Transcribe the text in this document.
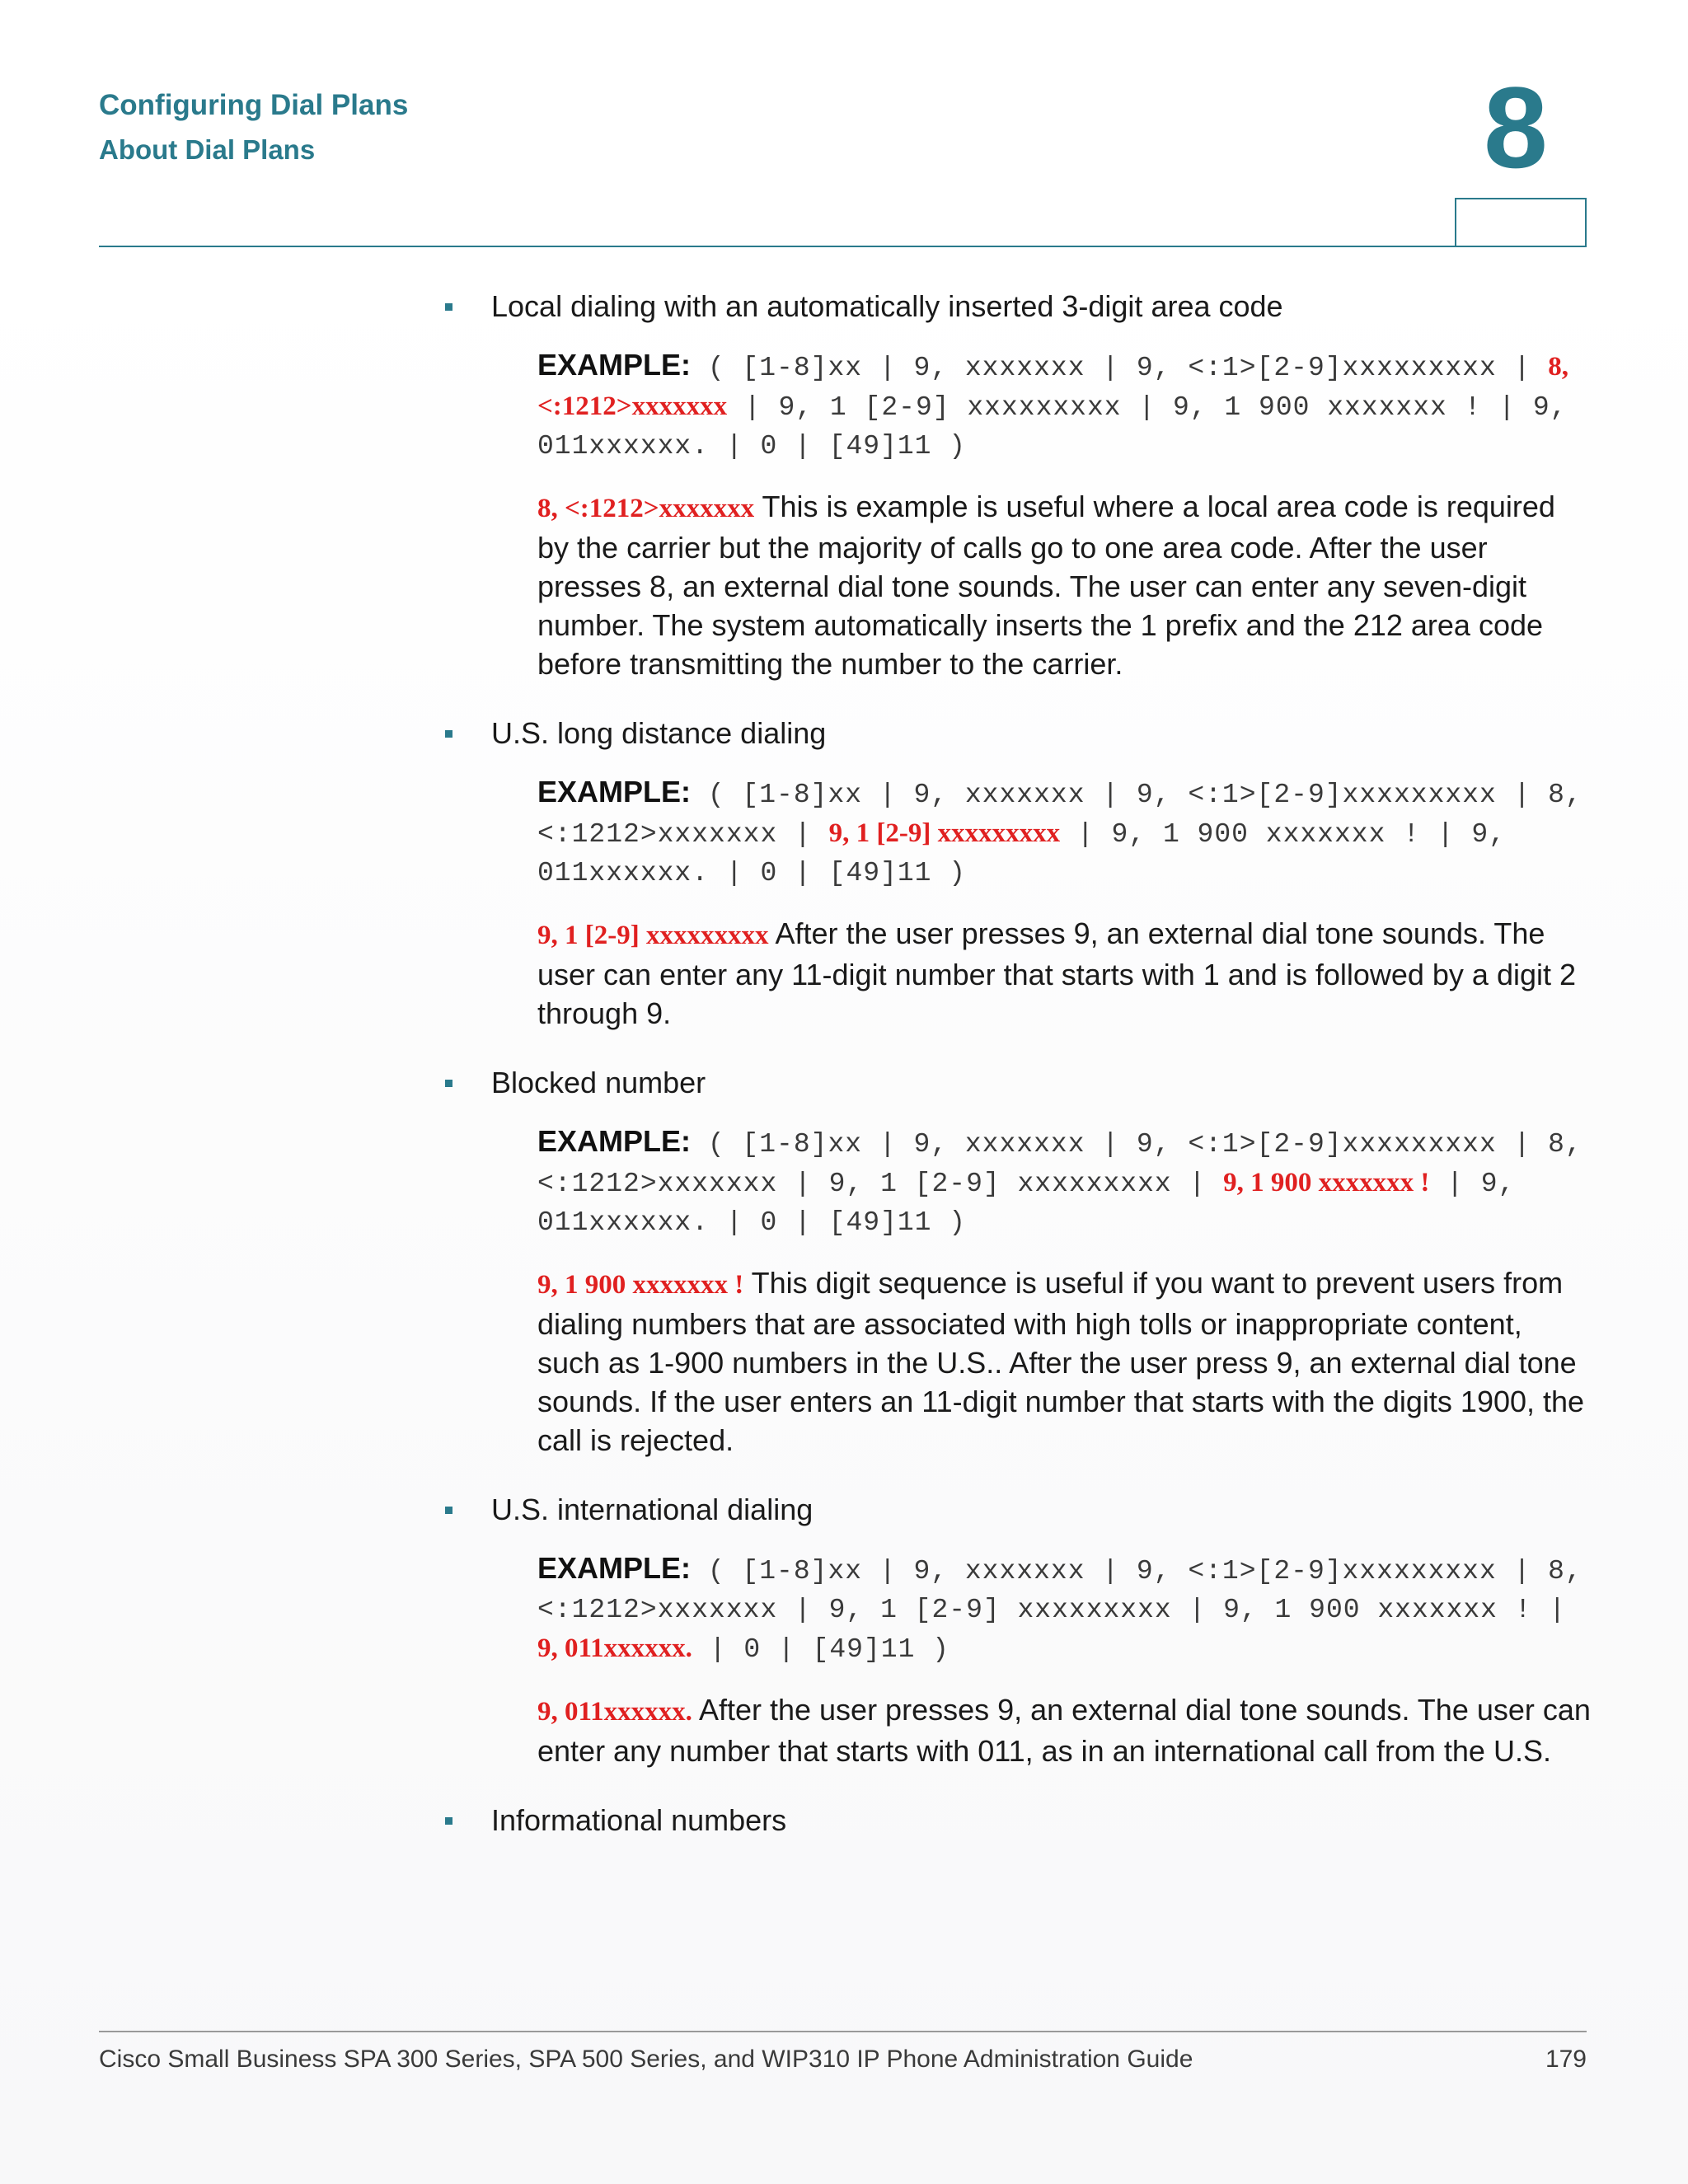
Configuring Dial Plans
About Dial Plans	8
Local dialing with an automatically inserted 3-digit area code
EXAMPLE: ( [1-8]xx | 9, xxxxxxx | 9, <:1>[2-9]xxxxxxxxx | 8, <:1212>xxxxxxx | 9, 1 [2-9] xxxxxxxxx | 9, 1 900 xxxxxxx ! | 9, 011xxxxxx. | 0 | [49]11 )
8, <:1212>xxxxxxx This is example is useful where a local area code is required by the carrier but the majority of calls go to one area code. After the user presses 8, an external dial tone sounds. The user can enter any seven-digit number. The system automatically inserts the 1 prefix and the 212 area code before transmitting the number to the carrier.
U.S. long distance dialing
EXAMPLE: ( [1-8]xx | 9, xxxxxxx | 9, <:1>[2-9]xxxxxxxxx | 8, <:1212>xxxxxxx | 9, 1 [2-9] xxxxxxxxx | 9, 1 900 xxxxxxx ! | 9, 011xxxxxx. | 0 | [49]11 )
9, 1 [2-9] xxxxxxxxx After the user presses 9, an external dial tone sounds. The user can enter any 11-digit number that starts with 1 and is followed by a digit 2 through 9.
Blocked number
EXAMPLE: ( [1-8]xx | 9, xxxxxxx | 9, <:1>[2-9]xxxxxxxxx | 8, <:1212>xxxxxxx | 9, 1 [2-9] xxxxxxxxx | 9, 1 900 xxxxxxx ! | 9, 011xxxxxx. | 0 | [49]11 )
9, 1 900 xxxxxxx ! This digit sequence is useful if you want to prevent users from dialing numbers that are associated with high tolls or inappropriate content, such as 1-900 numbers in the U.S.. After the user press 9, an external dial tone sounds. If the user enters an 11-digit number that starts with the digits 1900, the call is rejected.
U.S. international dialing
EXAMPLE: ( [1-8]xx | 9, xxxxxxx | 9, <:1>[2-9]xxxxxxxxx | 8, <:1212>xxxxxxx | 9, 1 [2-9] xxxxxxxxx | 9, 1 900 xxxxxxx ! | 9, 011xxxxxx. | 0 | [49]11 )
9, 011xxxxxx. After the user presses 9, an external dial tone sounds. The user can enter any number that starts with 011, as in an international call from the U.S.
Informational numbers
Cisco Small Business SPA 300 Series, SPA 500 Series, and WIP310 IP Phone Administration Guide	179
